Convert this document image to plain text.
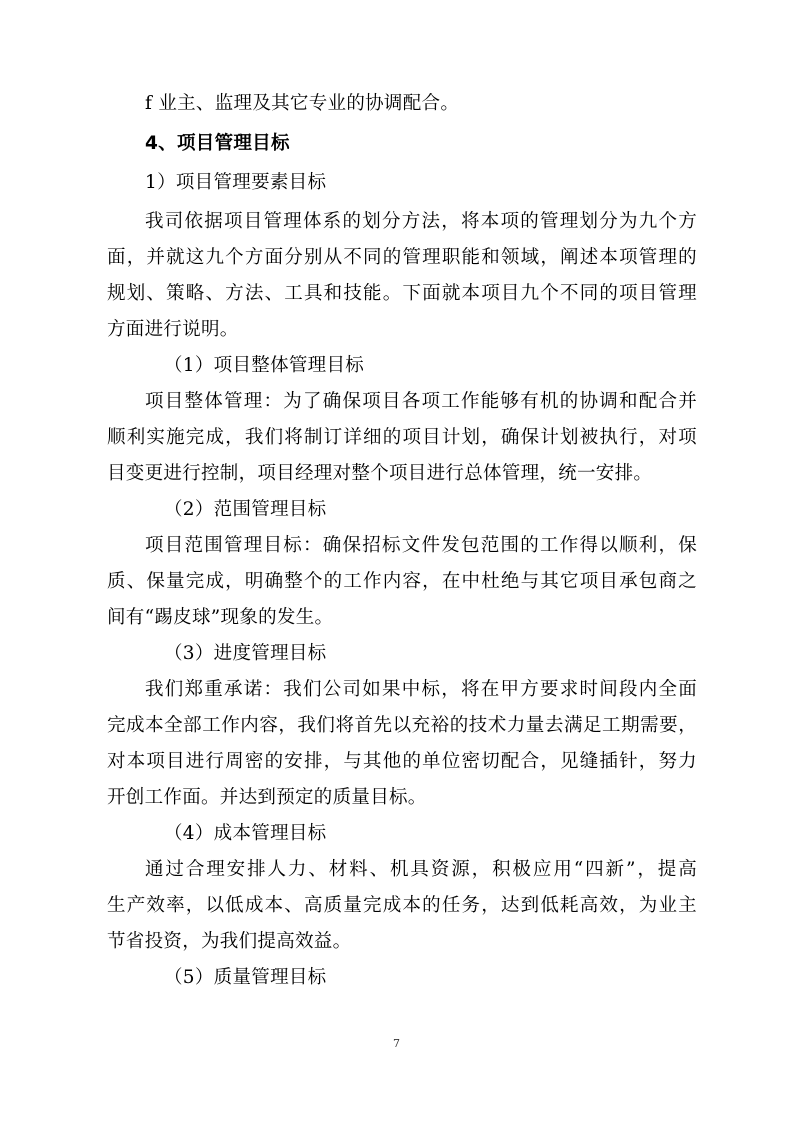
f 业主、监理及其它专业的协调配合。
4、项目管理目标
1）项目管理要素目标
我司依据项目管理体系的划分方法，将本项的管理划分为九个方
面，并就这九个方面分别从不同的管理职能和领域，阐述本项管理的
规划、策略、方法、工具和技能。下面就本项目九个不同的项目管理
方面进行说明。
（1）项目整体管理目标
项目整体管理：为了确保项目各项工作能够有机的协调和配合并
顺利实施完成，我们将制订详细的项目计划，确保计划被执行，对项
目变更进行控制，项目经理对整个项目进行总体管理，统一安排。
（2）范围管理目标
项目范围管理目标：确保招标文件发包范围的工作得以顺利，保
质、保量完成，明确整个的工作内容，在中杜绝与其它项目承包商之
间有“踢皮球”现象的发生。
（3）进度管理目标
我们郑重承诺：我们公司如果中标，将在甲方要求时间段内全面
完成本全部工作内容，我们将首先以充裕的技术力量去满足工期需要，
对本项目进行周密的安排，与其他的单位密切配合，见缝插针，努力
开创工作面。并达到预定的质量目标。
（4）成本管理目标
通过合理安排人力、材料、机具资源，积极应用“四新”，提高
生产效率，以低成本、高质量完成本的任务，达到低耗高效，为业主
节省投资，为我们提高效益。
（5）质量管理目标
7
